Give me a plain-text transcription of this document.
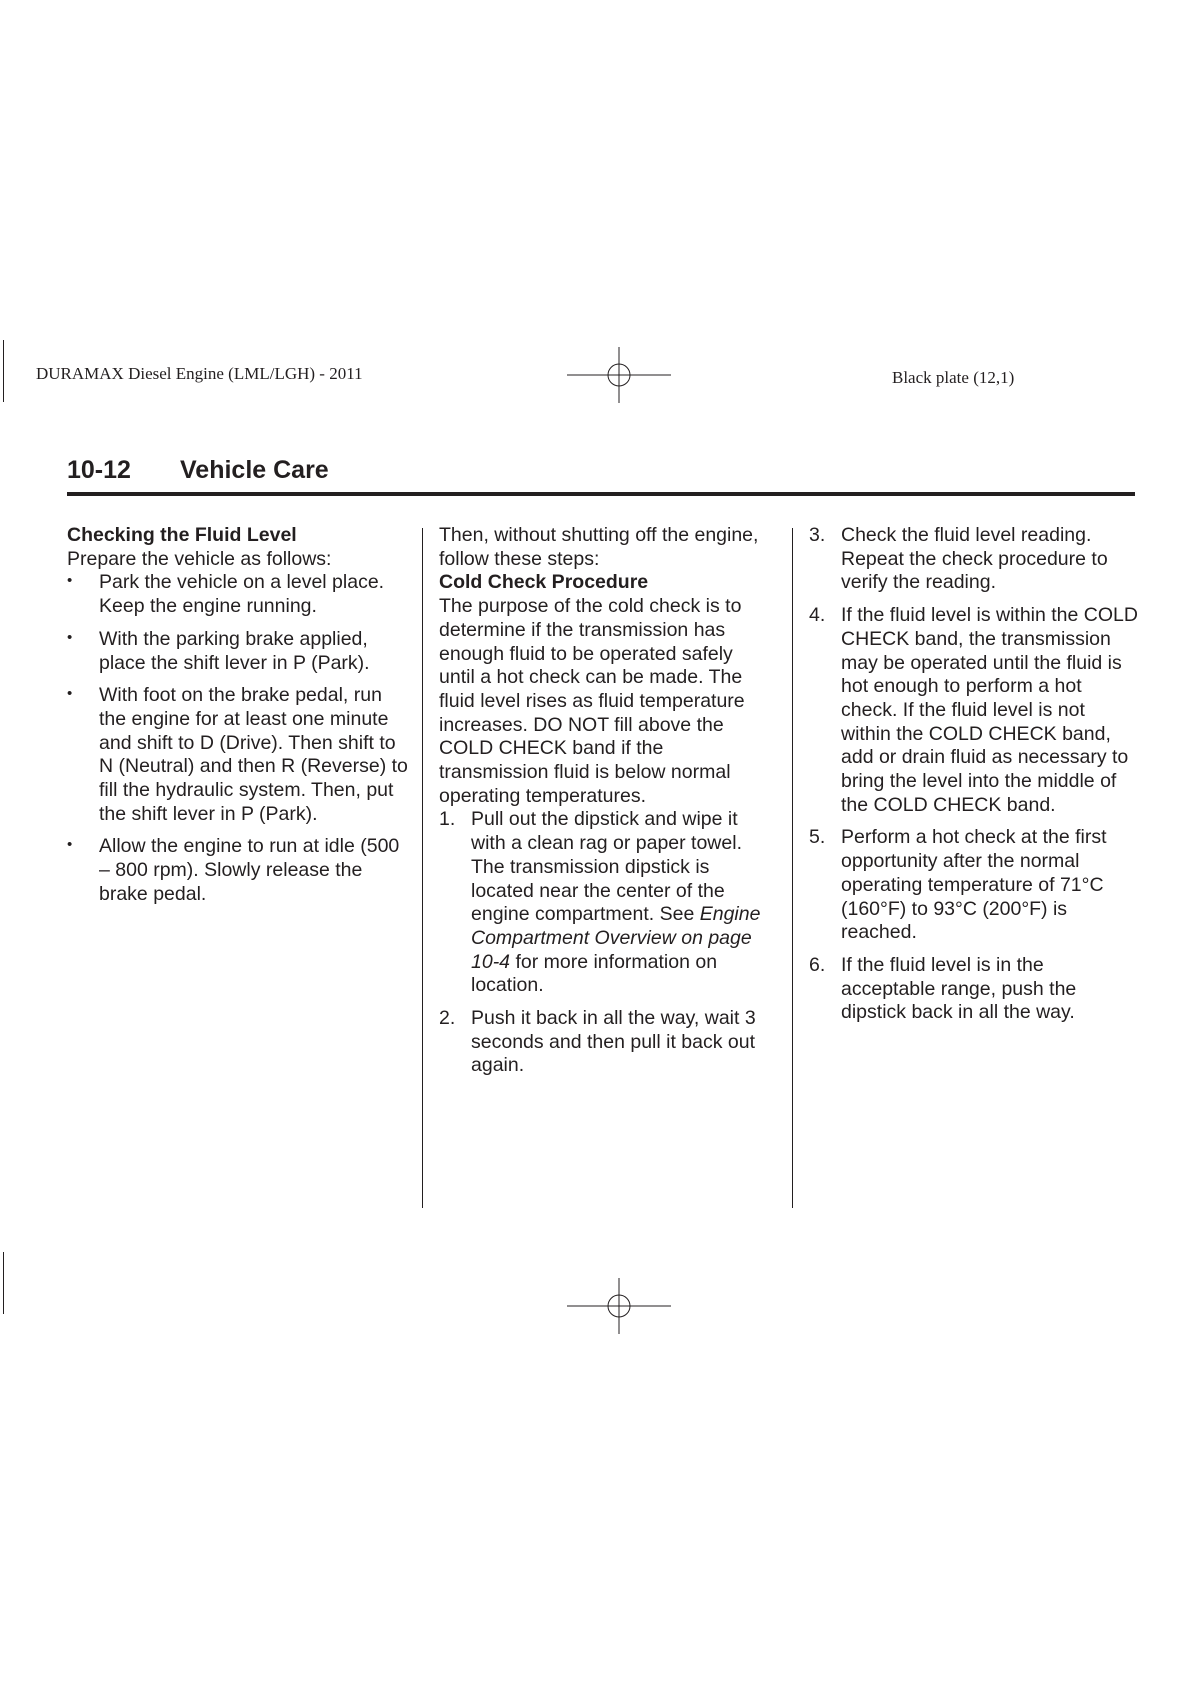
DURAMAX Diesel Engine (LML/LGH) - 2011	Black plate (12,1)
10-12 Vehicle Care

Checking the Fluid Level

Prepare the vehicle as follows:

• Park the vehicle on a level place. Keep the engine running.

• With the parking brake applied, place the shift lever in P (Park).

• With foot on the brake pedal, run the engine for at least one minute and shift to D (Drive). Then shift to N (Neutral) and then R (Reverse) to fill the hydraulic system. Then, put the shift lever in P (Park).

• Allow the engine to run at idle (500 – 800 rpm). Slowly release the brake pedal.

Then, without shutting off the engine, follow these steps:

Cold Check Procedure

The purpose of the cold check is to determine if the transmission has enough fluid to be operated safely until a hot check can be made. The fluid level rises as fluid temperature increases. DO NOT fill above the COLD CHECK band if the transmission fluid is below normal operating temperatures.

1. Pull out the dipstick and wipe it with a clean rag or paper towel. The transmission dipstick is located near the center of the engine compartment. See Engine Compartment Overview on page 10-4 for more information on location.

2. Push it back in all the way, wait 3 seconds and then pull it back out again.

3. Check the fluid level reading. Repeat the check procedure to verify the reading.

4. If the fluid level is within the COLD CHECK band, the transmission may be operated until the fluid is hot enough to perform a hot check. If the fluid level is not within the COLD CHECK band, add or drain fluid as necessary to bring the level into the middle of the COLD CHECK band.

5. Perform a hot check at the first opportunity after the normal operating temperature of 71°C (160°F) to 93°C (200°F) is reached.

6. If the fluid level is in the acceptable range, push the dipstick back in all the way.
